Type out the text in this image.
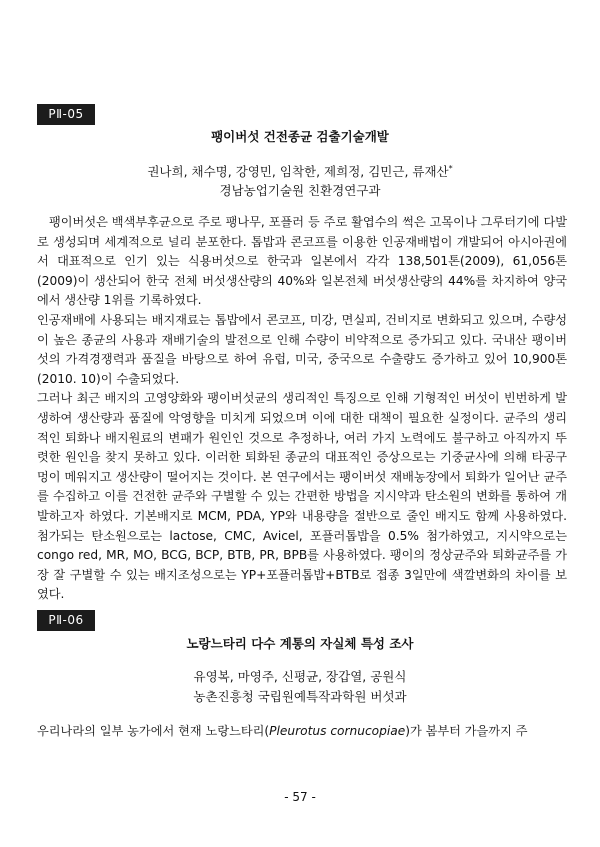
PⅡ-05
팽이버섯 건전종균 검출기술개발
권나희, 채수명, 강영민, 임착한, 제희정, 김민근, 류재산*
경남농업기술원 친환경연구과

팽이버섯은 백색부후균으로 주로 팽나무, 포플러 등 주로 활엽수의 썩은 고목이나 그루터기에 다발로 생성되며 세계적으로 널리 분포한다. 톱밥과 콘코프를 이용한 인공재배법이 개발되어 아시아권에서 대표적으로 인기 있는 식용버섯으로 한국과 일본에서 각각 138,501톤(2009), 61,056톤(2009)이 생산되어 한국 전체 버섯생산량의 40%와 일본전체 버섯생산량의 44%를 차지하여 양국에서 생산량 1위를 기록하였다.

인공재배에 사용되는 배지재료는 톱밥에서 콘코프, 미강, 면실피, 건비지로 변화되고 있으며, 수량성이 높은 종균의 사용과 재배기술의 발전으로 인해 수량이 비약적으로 증가되고 있다. 국내산 팽이버섯의 가격경쟁력과 품질을 바탕으로 하여 유럽, 미국, 중국으로 수출량도 증가하고 있어 10,900톤(2010. 10)이 수출되었다.

그러나 최근 배지의 고영양화와 팽이버섯균의 생리적인 특징으로 인해 기형적인 버섯이 빈번하게 발생하여 생산량과 품질에 악영향을 미치게 되었으며 이에 대한 대책이 필요한 실정이다. 균주의 생리적인 퇴화나 배지원료의 변패가 원인인 것으로 추정하나, 여러 가지 노력에도 불구하고 아직까지 뚜렷한 원인을 찾지 못하고 있다. 이러한 퇴화된 종균의 대표적인 증상으로는 기중균사에 의해 타공구멍이 메워지고 생산량이 떨어지는 것이다. 본 연구에서는 팽이버섯 재배농장에서 퇴화가 일어난 균주를 수집하고 이를 건전한 균주와 구별할 수 있는 간편한 방법을 지시약과 탄소원의 변화를 통하여 개발하고자 하였다. 기본배지로 MCM, PDA, YP와 내용량을 절반으로 줄인 배지도 함께 사용하였다. 첨가되는 탄소원으로는 lactose, CMC, Avicel, 포플러톱밥을 0.5% 첨가하였고, 지시약으로는 congo red, MR, MO, BCG, BCP, BTB, PR, BPB를 사용하였다. 팽이의 정상균주와 퇴화균주를 가장 잘 구별할 수 있는 배지조성으로는 YP+포플러톱밥+BTB로 접종 3일만에 색깔변화의 차이를 보였다.

PⅡ-06
노랑느타리 다수 계통의 자실체 특성 조사
유영복, 마영주, 신평균, 장갑열, 공원식
농촌진흥청 국립원예특작과학원 버섯과
우리나라의 일부 농가에서 현재 노랑느타리(Pleurotus cornucopiae)가 봄부터 가을까지 주
- 57 -
